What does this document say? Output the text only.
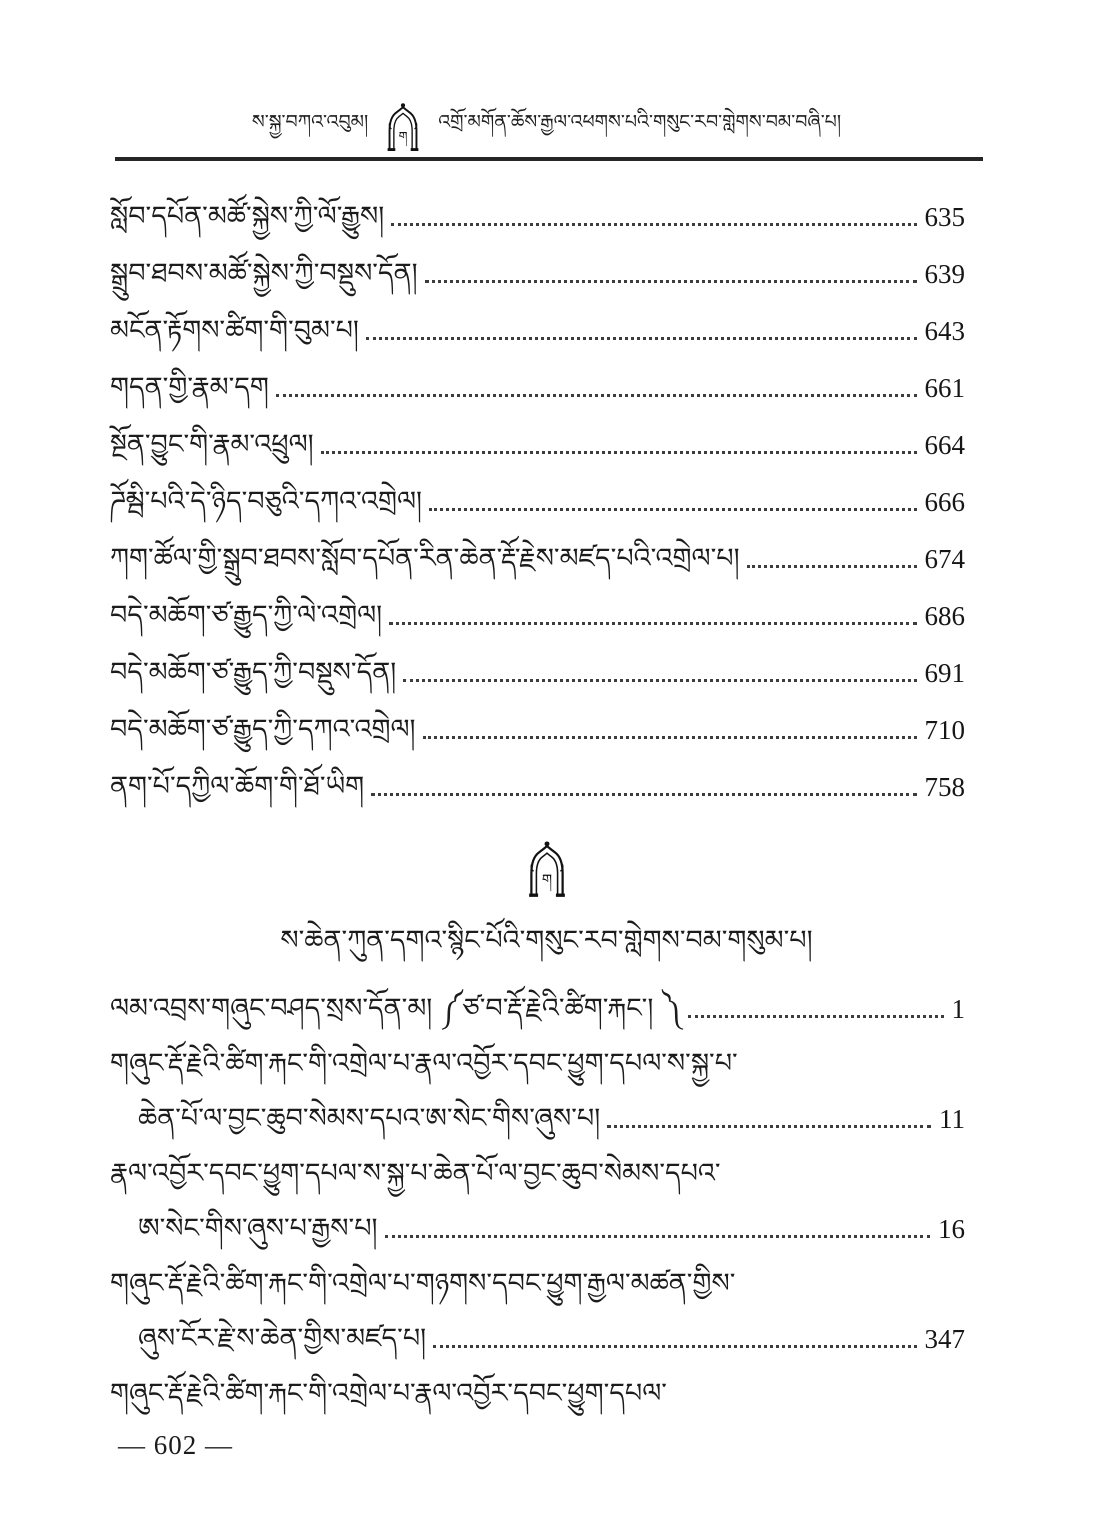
ས་སྐྱ་བཀའ་འབུམ།
ག
འགྲོ་མགོན་ཆོས་རྒྱལ་འཕགས་པའི་གསུང་རབ་གླེགས་བམ་བཞི་པ།
སློབ་དཔོན་མཚོ་སྐྱེས་ཀྱི་ལོ་རྒྱུས།	635
སྒྲུབ་ཐབས་མཚོ་སྐྱེས་ཀྱི་བསྡུས་དོན།	639
མངོན་རྟོགས་ཚིག་གི་བུམ་པ།	643
གདན་གྱི་རྣམ་དག	661
སྔོན་བྱུང་གི་རྣམ་འཕྲུལ།	664
ཌོམྦི་པའི་དེ་ཉིད་བཅུའི་དཀའ་འགྲེལ།	666
ཀག་ཚོལ་གྱི་སྒྲུབ་ཐབས་སློབ་དཔོན་རིན་ཆེན་རྡོ་རྗེས་མཛད་པའི་འགྲེལ་པ།	674
བདེ་མཆོག་ཙ་རྒྱུད་ཀྱི་ལེ་འགྲེལ།	686
བདེ་མཆོག་ཙ་རྒྱུད་ཀྱི་བསྡུས་དོན།	691
བདེ་མཆོག་ཙ་རྒྱུད་ཀྱི་དཀའ་འགྲེལ།	710
ནག་པོ་དཀྱིལ་ཆོག་གི་ཐོ་ཡིག	758
ག
ས་ཆེན་ཀུན་དགའ་སྙིང་པོའི་གསུང་རབ་གླེགས་བམ་གསུམ་པ།
ལམ་འབྲས་གཞུང་བཤད་སྲས་དོན་མ། ༼ཙ་བ་རྡོ་རྗེའི་ཚིག་རྐང་། ༽	1
གཞུང་རྡོ་རྗེའི་ཚིག་རྐང་གི་འགྲེལ་པ་རྣལ་འབྱོར་དབང་ཕྱུག་དཔལ་ས་སྐྱ་པ་
ཆེན་པོ་ལ་བྱང་ཆུབ་སེམས་དཔའ་ཨ་སེང་གིས་ཞུས་པ།	11
རྣལ་འབྱོར་དབང་ཕྱུག་དཔལ་ས་སྐྱ་པ་ཆེན་པོ་ལ་བྱང་ཆུབ་སེམས་དཔའ་
ཨ་སེང་གིས་ཞུས་པ་རྒྱས་པ།	16
གཞུང་རྡོ་རྗེའི་ཚིག་རྐང་གི་འགྲེལ་པ་གཉགས་དབང་ཕྱུག་རྒྱལ་མཚན་གྱིས་
ཞུས་ངོར་རྗེ་ས་ཆེན་གྱིས་མཛད་པ།	347
གཞུང་རྡོ་རྗེའི་ཚིག་རྐང་གི་འགྲེལ་པ་རྣལ་འབྱོར་དབང་ཕྱུག་དཔལ་
— 602 —
